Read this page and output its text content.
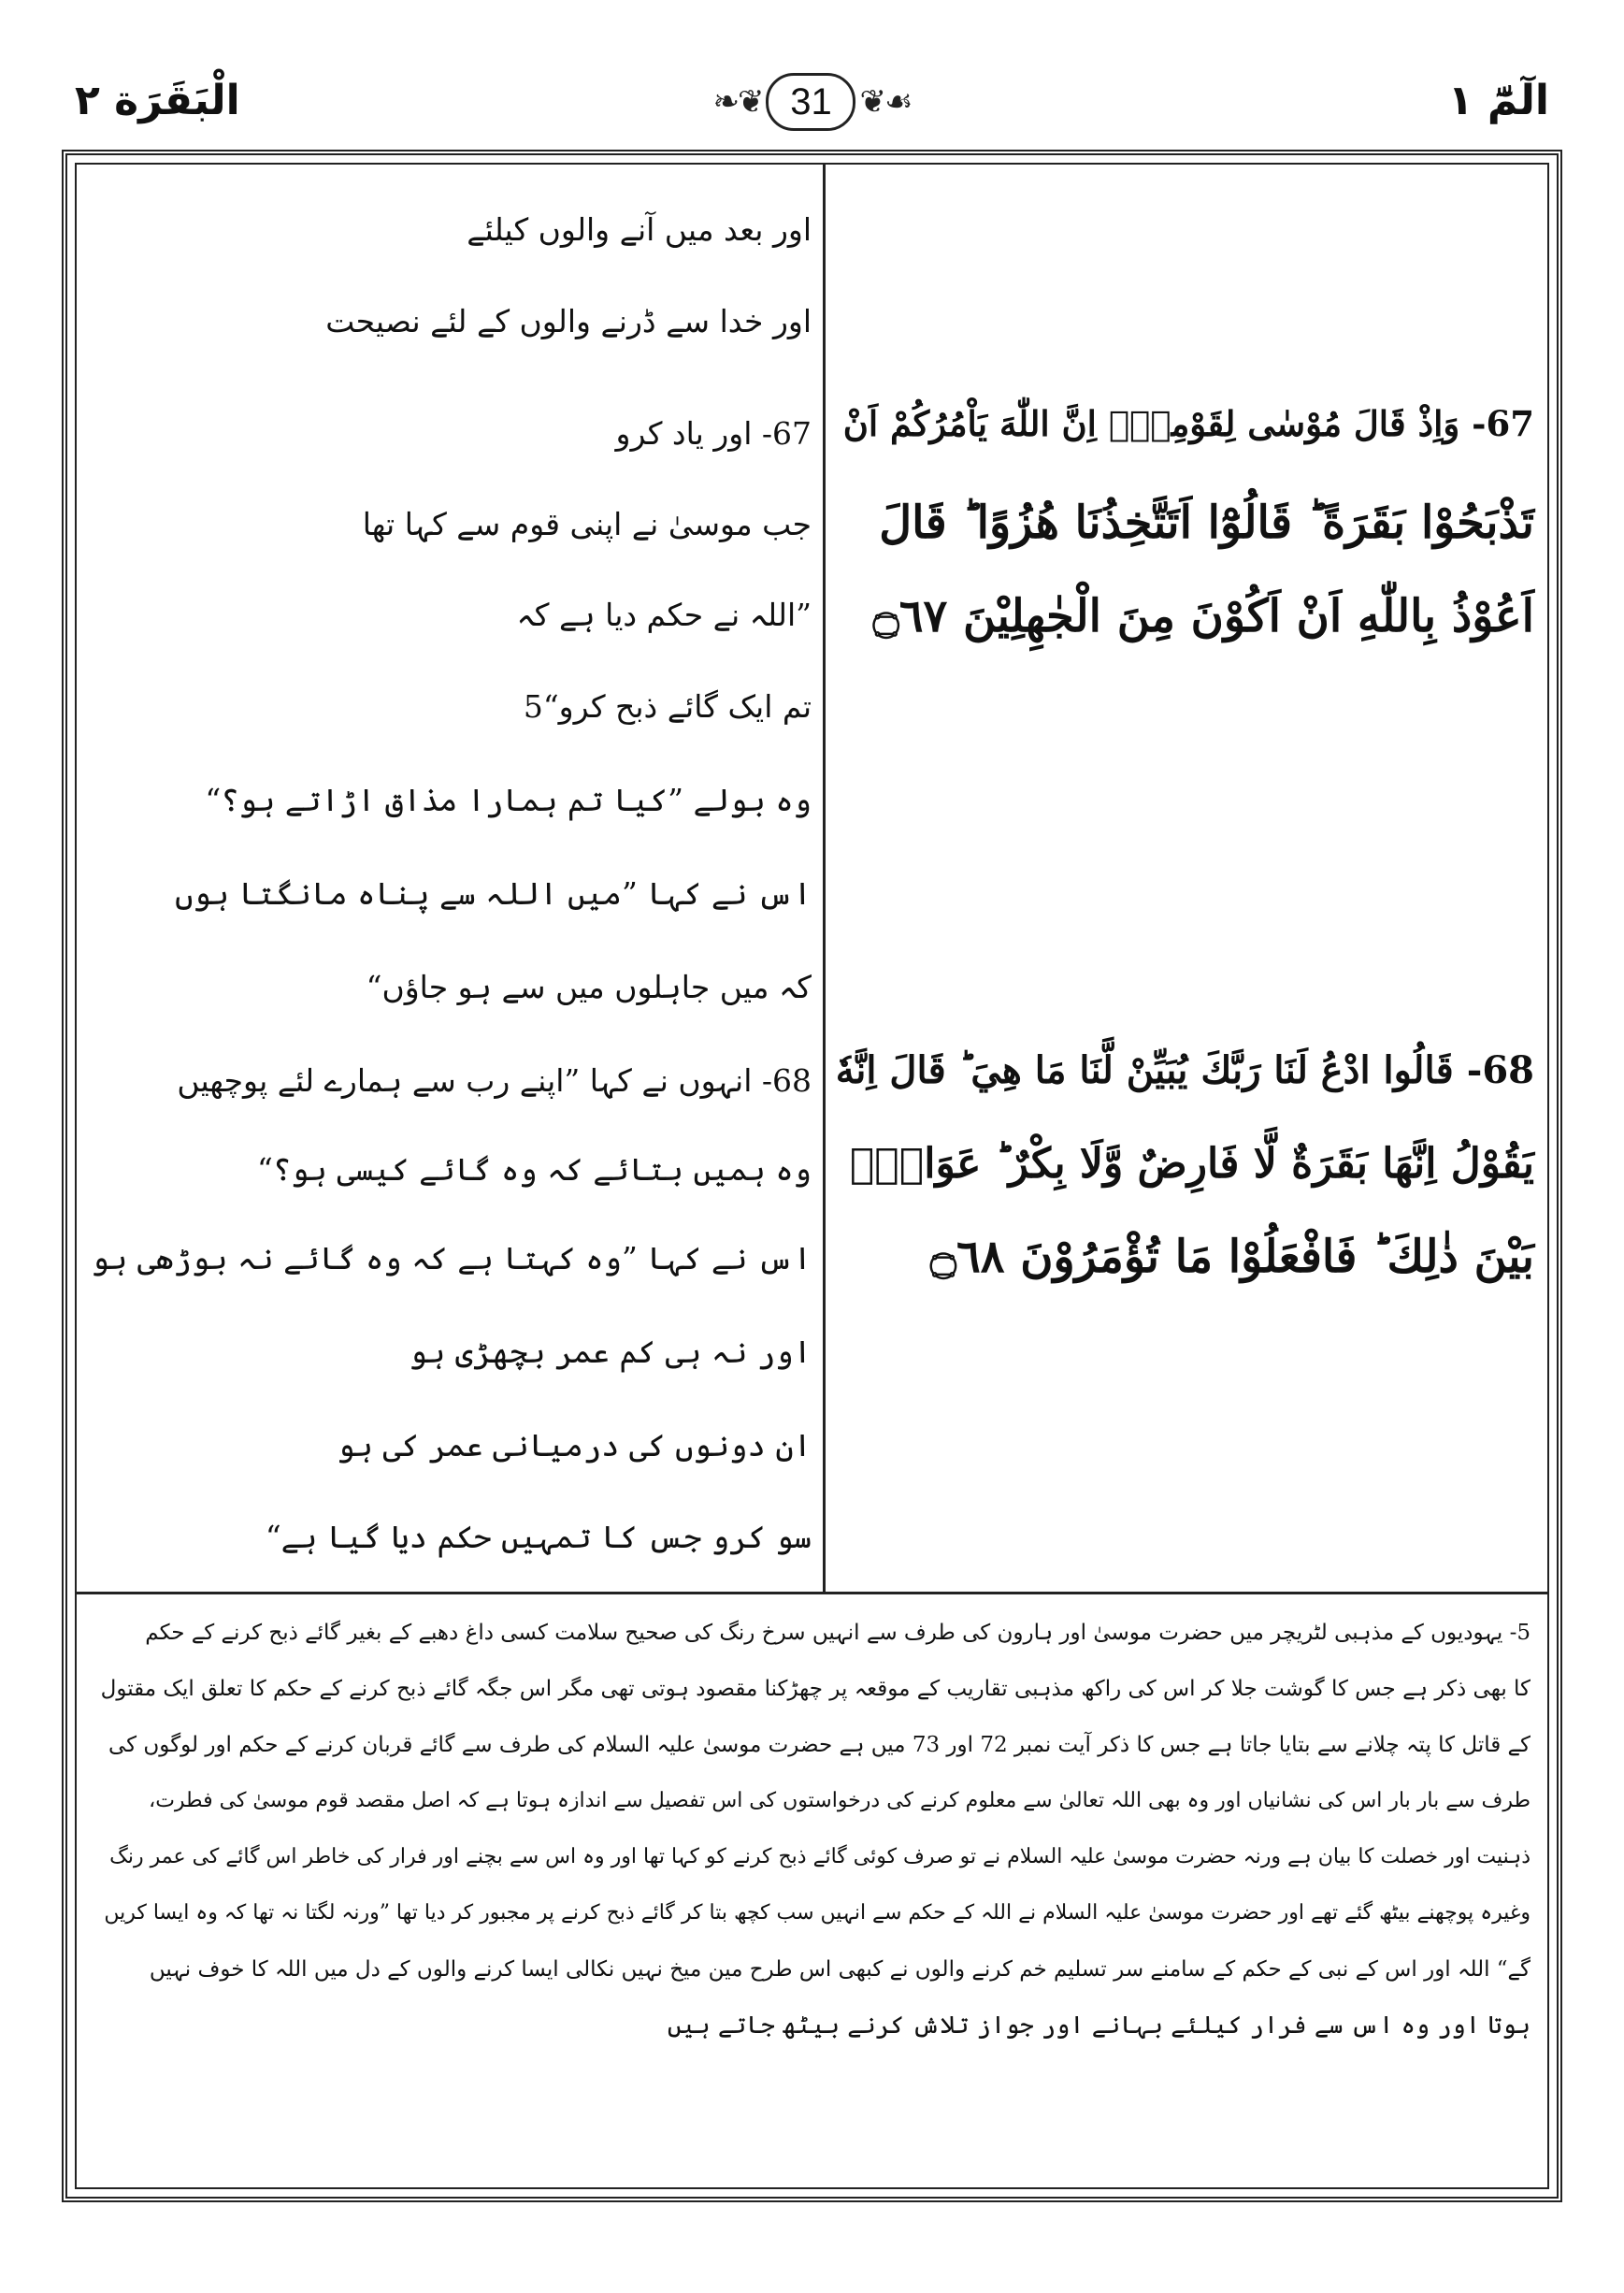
الْبَقَرَة ٢	❧❦ 31 ❦☙	الٓمّٓ ١
اور بعد میں آنے والوں کیلئے
اور خدا سے ڈرنے والوں کے لئے نصیحت
67- اور یاد کرو
جب موسیٰ نے اپنی قوم سے کہا تھا
”اللہ نے حکم دیا ہے کہ
تم ایک گائے ذبح کرو“5
وہ بولے ”کیا تم ہمارا مذاق اڑاتے ہو؟“
اس نے کہا ”میں اللہ سے پناہ مانگتا ہوں
کہ میں جاہلوں میں سے ہو جاؤں“
68- انہوں نے کہا ”اپنے رب سے ہمارے لئے پوچھیں
وہ ہمیں بتائے کہ وہ گائے کیسی ہو؟“
اس نے کہا ”وہ کہتا ہے کہ وہ گائے نہ بوڑھی ہو
اور نہ ہی کم عمر بچھڑی ہو
ان دونوں کی درمیانی عمر کی ہو
سو کرو جس کا تمہیں حکم دیا گیا ہے“
67- وَاِذْ قَالَ مُوْسٰى لِقَوْمِهٖٓ اِنَّ اللّٰهَ يَاْمُرُكُمْ اَنْ
تَذْبَحُوْا بَقَرَةً ؕ قَالُوْٓا اَتَتَّخِذُنَا هُزُوًا ؕ قَالَ
اَعُوْذُ بِاللّٰهِ اَنْ اَكُوْنَ مِنَ الْجٰهِلِيْنَ ۝٦٧
68- قَالُوا ادْعُ لَنَا رَبَّكَ يُبَيِّنْ لَّنَا مَا هِيَ ؕ قَالَ اِنَّهٗ
يَقُوْلُ اِنَّهَا بَقَرَةٌ لَّا فَارِضٌ وَّلَا بِكْرٌ ؕ عَوَانٌۢ
بَيْنَ ذٰلِكَ ؕ فَافْعَلُوْا مَا تُؤْمَرُوْنَ ۝٦٨
5- یہودیوں کے مذہبی لٹریچر میں حضرت موسیٰ اور ہارون کی طرف سے انہیں سرخ رنگ کی صحیح سلامت کسی داغ دھبے کے بغیر گائے ذبح کرنے کے حکم
کا بھی ذکر ہے جس کا گوشت جلا کر اس کی راکھ مذہبی تقاریب کے موقعہ پر چھڑکنا مقصود ہوتی تھی مگر اس جگہ گائے ذبح کرنے کے حکم کا تعلق ایک مقتول
کے قاتل کا پتہ چلانے سے بتایا جاتا ہے جس کا ذکر آیت نمبر 72 اور 73 میں ہے حضرت موسیٰ علیہ السلام کی طرف سے گائے قربان کرنے کے حکم اور لوگوں کی
طرف سے بار بار اس کی نشانیاں اور وہ بھی اللہ تعالیٰ سے معلوم کرنے کی درخواستوں کی اس تفصیل سے اندازہ ہوتا ہے کہ اصل مقصد قوم موسیٰ کی فطرت،
ذہنیت اور خصلت کا بیان ہے ورنہ حضرت موسیٰ علیہ السلام نے تو صرف کوئی گائے ذبح کرنے کو کہا تھا اور وہ اس سے بچنے اور فرار کی خاطر اس گائے کی عمر رنگ
وغیرہ پوچھنے بیٹھ گئے تھے اور حضرت موسیٰ علیہ السلام نے اللہ کے حکم سے انہیں سب کچھ بتا کر گائے ذبح کرنے پر مجبور کر دیا تھا ”ورنہ لگتا نہ تھا کہ وہ ایسا کریں
گے“ اللہ اور اس کے نبی کے حکم کے سامنے سر تسلیم خم کرنے والوں نے کبھی اس طرح مین میخ نہیں نکالی ایسا کرنے والوں کے دل میں اللہ کا خوف نہیں
ہوتا اور وہ اس سے فرار کیلئے بہانے اور جواز تلاش کرنے بیٹھ جاتے ہیں
